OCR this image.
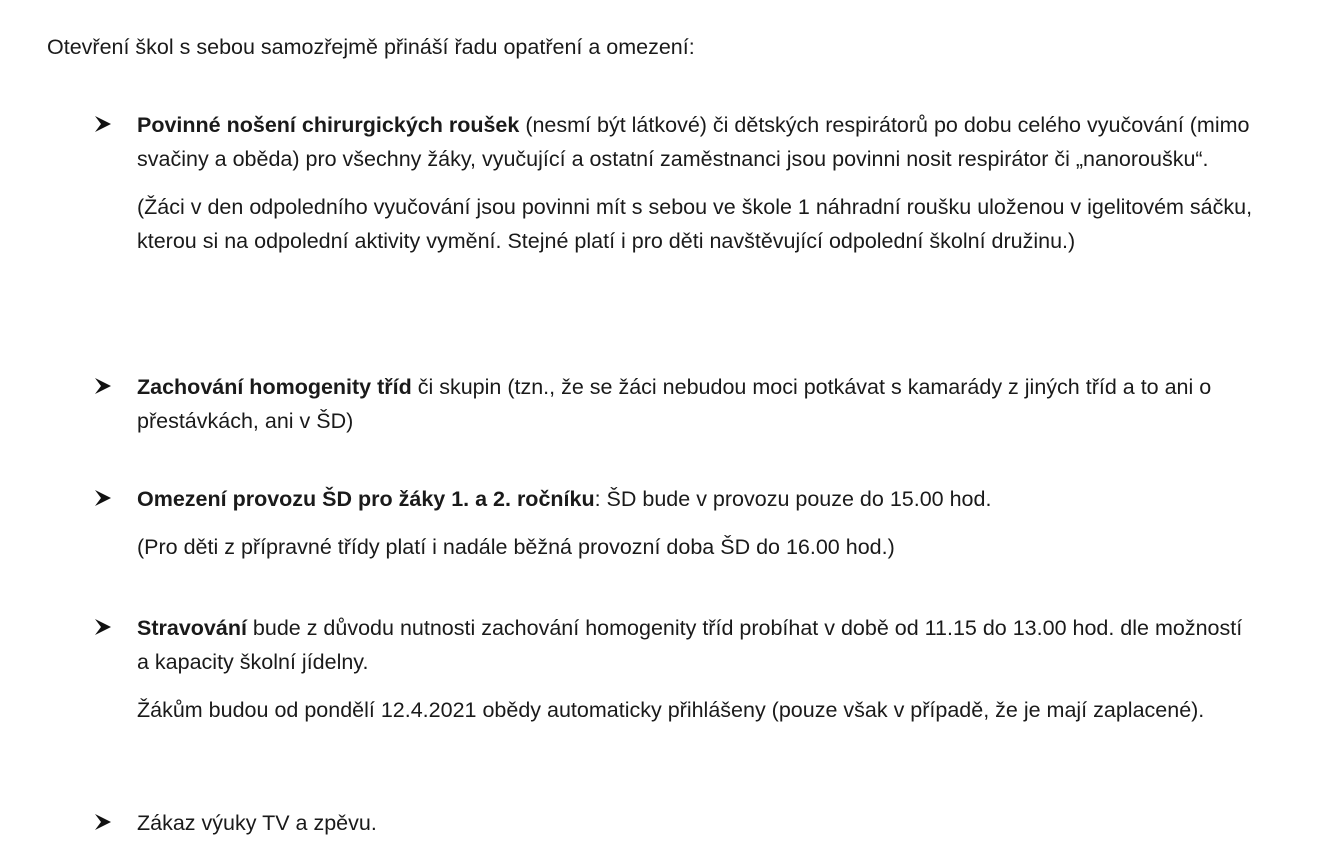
Otevření škol s sebou samozřejmě přináší řadu opatření a omezení:

Povinné nošení chirurgických roušek (nesmí být látkové) či dětských respirátorů po dobu celého vyučování (mimo svačiny a oběda) pro všechny žáky, vyučující a ostatní zaměstnanci jsou povinni nosit respirátor či „nanoroušku“.

(Žáci v den odpoledního vyučování jsou povinni mít s sebou ve škole 1 náhradní roušku uloženou v igelitovém sáčku, kterou si na odpolední aktivity vymění. Stejné platí i pro děti navštěvující odpolední školní družinu.)

Zachování homogenity tříd či skupin (tzn., že se žáci nebudou moci potkávat s kamarády z jiných tříd a to ani o přestávkách, ani v ŠD)

Omezení provozu ŠD pro žáky 1. a 2. ročníku: ŠD bude v provozu pouze do 15.00 hod.

(Pro děti z přípravné třídy platí i nadále běžná provozní doba ŠD do 16.00 hod.)

Stravování bude z důvodu nutnosti zachování homogenity tříd probíhat v době od 11.15 do 13.00 hod. dle možností a kapacity školní jídelny.

Žákům budou od pondělí 12.4.2021 obědy automaticky přihlášeny (pouze však v případě, že je mají zaplacené).

Zákaz výuky TV a zpěvu.
